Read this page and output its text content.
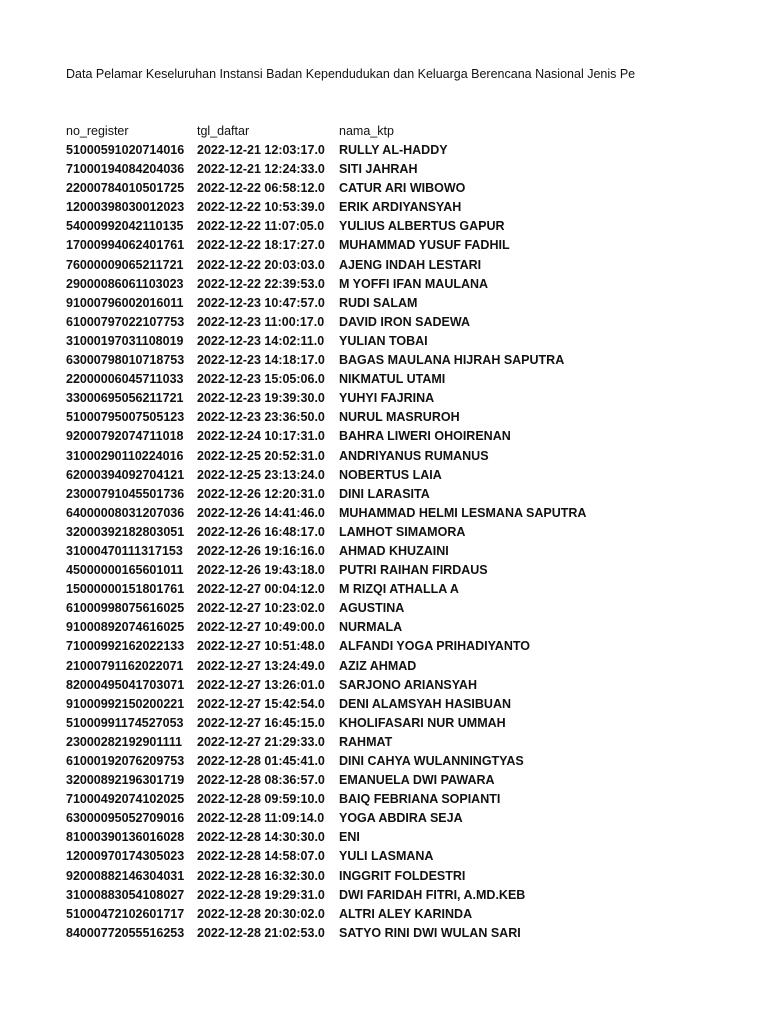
Data Pelamar Keseluruhan Instansi Badan Kependudukan dan Keluarga Berencana Nasional Jenis Pe
no_register	tgl_daftar	nama_ktp
51000591020714016	2022-12-21 12:03:17.0	RULLY AL-HADDY
71000194084204036	2022-12-21 12:24:33.0	SITI JAHRAH
22000784010501725	2022-12-22 06:58:12.0	CATUR ARI WIBOWO
12000398030012023	2022-12-22 10:53:39.0	ERIK ARDIYANSYAH
54000992042110135	2022-12-22 11:07:05.0	YULIUS ALBERTUS GAPUR
17000994062401761	2022-12-22 18:17:27.0	MUHAMMAD YUSUF FADHIL
76000009065211721	2022-12-22 20:03:03.0	AJENG INDAH LESTARI
29000086061103023	2022-12-22 22:39:53.0	M YOFFI IFAN MAULANA
91000796002016011	2022-12-23 10:47:57.0	RUDI SALAM
61000797022107753	2022-12-23 11:00:17.0	DAVID IRON SADEWA
31000197031108019	2022-12-23 14:02:11.0	YULIAN TOBAI
63000798010718753	2022-12-23 14:18:17.0	BAGAS MAULANA HIJRAH SAPUTRA
22000006045711033	2022-12-23 15:05:06.0	NIKMATUL UTAMI
33000695056211721	2022-12-23 19:39:30.0	YUHYI FAJRINA
51000795007505123	2022-12-23 23:36:50.0	NURUL MASRUROH
92000792074711018	2022-12-24 10:17:31.0	BAHRA LIWERI OHOIRENAN
31000290110224016	2022-12-25 20:52:31.0	ANDRIYANUS RUMANUS
62000394092704121	2022-12-25 23:13:24.0	NOBERTUS LAIA
23000791045501736	2022-12-26 12:20:31.0	DINI LARASITA
64000008031207036	2022-12-26 14:41:46.0	MUHAMMAD HELMI LESMANA SAPUTRA
32000392182803051	2022-12-26 16:48:17.0	LAMHOT SIMAMORA
31000470111317153	2022-12-26 19:16:16.0	AHMAD KHUZAINI
45000000165601011	2022-12-26 19:43:18.0	PUTRI RAIHAN FIRDAUS
15000000151801761	2022-12-27 00:04:12.0	M RIZQI ATHALLA A
61000998075616025	2022-12-27 10:23:02.0	AGUSTINA
91000892074616025	2022-12-27 10:49:00.0	NURMALA
71000992162022133	2022-12-27 10:51:48.0	ALFANDI YOGA PRIHADIYANTO
21000791162022071	2022-12-27 13:24:49.0	AZIZ AHMAD
82000495041703071	2022-12-27 13:26:01.0	SARJONO ARIANSYAH
91000992150200221	2022-12-27 15:42:54.0	DENI ALAMSYAH HASIBUAN
51000991174527053	2022-12-27 16:45:15.0	KHOLIFASARI NUR UMMAH
23000282192901111	2022-12-27 21:29:33.0	RAHMAT
61000192076209753	2022-12-28 01:45:41.0	DINI CAHYA WULANNINGTYAS
32000892196301719	2022-12-28 08:36:57.0	EMANUELA DWI PAWARA
71000492074102025	2022-12-28 09:59:10.0	BAIQ FEBRIANA SOPIANTI
63000095052709016	2022-12-28 11:09:14.0	YOGA ABDIRA SEJA
81000390136016028	2022-12-28 14:30:30.0	ENI
12000970174305023	2022-12-28 14:58:07.0	YULI LASMANA
92000882146304031	2022-12-28 16:32:30.0	INGGRIT FOLDESTRI
31000883054108027	2022-12-28 19:29:31.0	DWI FARIDAH FITRI, A.MD.KEB
51000472102601717	2022-12-28 20:30:02.0	ALTRI ALEY KARINDA
84000772055516253	2022-12-28 21:02:53.0	SATYO RINI DWI WULAN SARI
